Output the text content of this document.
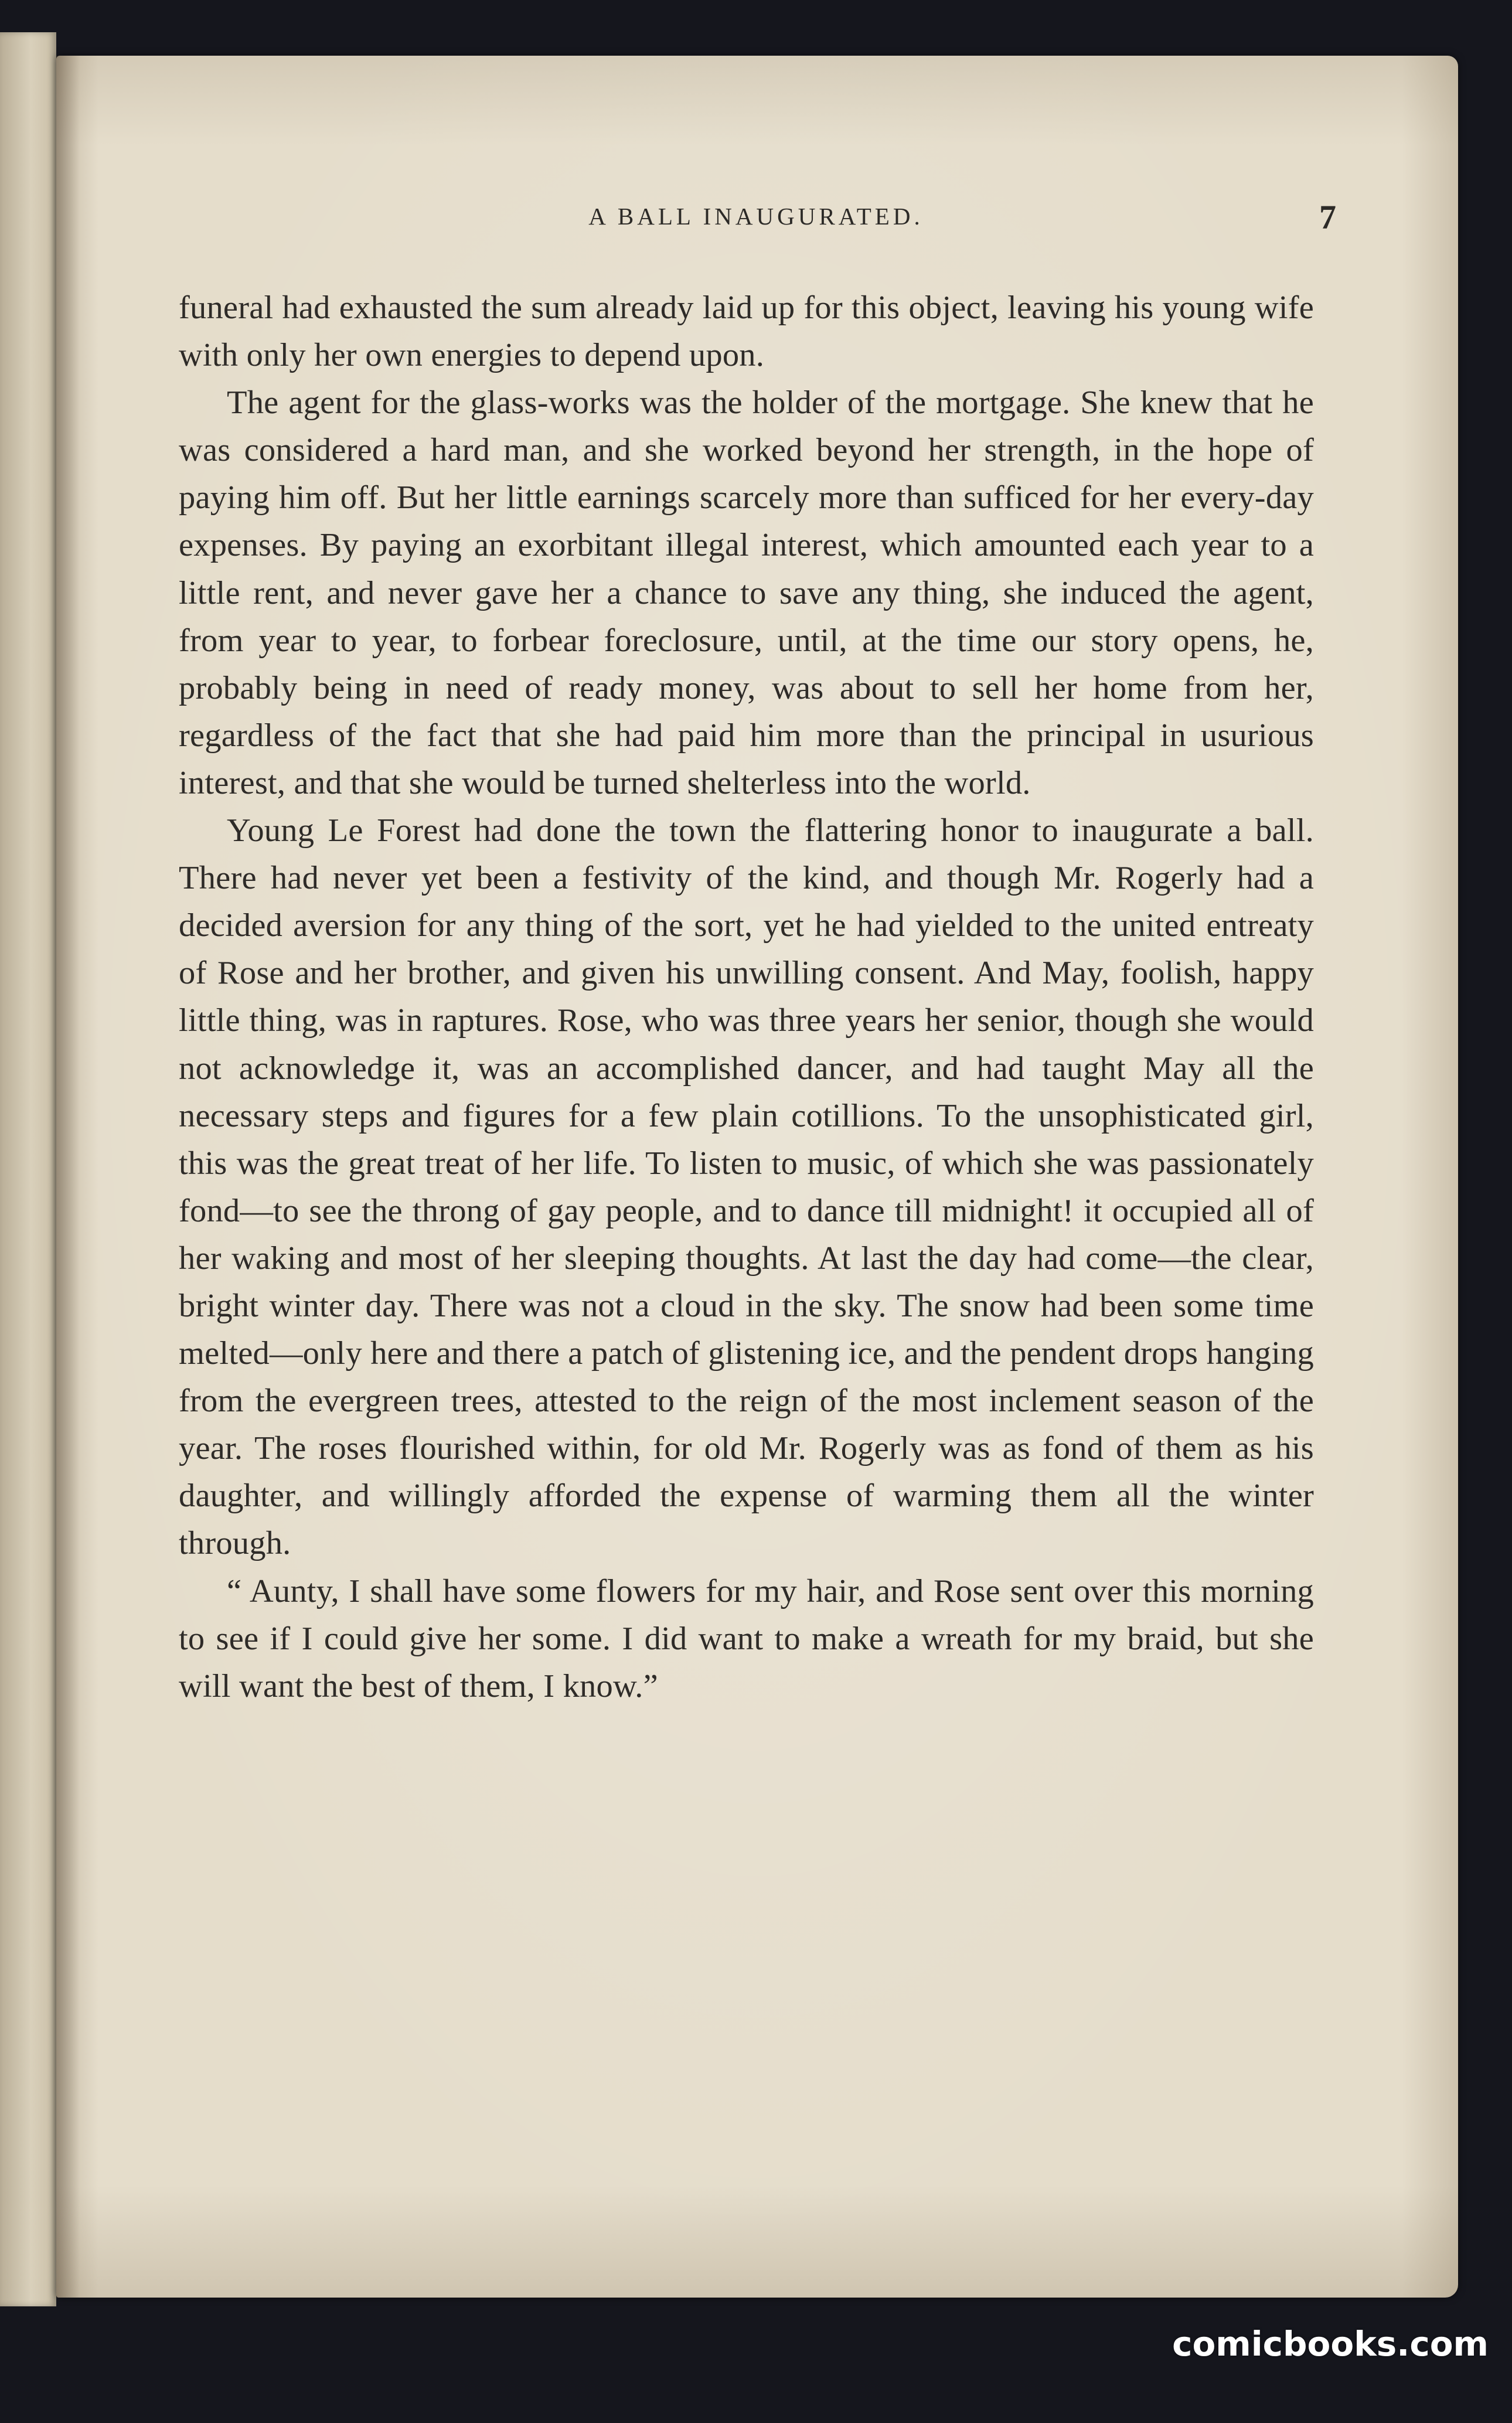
A BALL INAUGURATED.	7

funeral had exhausted the sum already laid up for this object, leaving his young wife with only her own energies to depend upon.

The agent for the glass-works was the holder of the mortgage. She knew that he was considered a hard man, and she worked beyond her strength, in the hope of paying him off. But her little earnings scarcely more than sufficed for her every-day expenses. By paying an exorbitant illegal interest, which amounted each year to a little rent, and never gave her a chance to save any thing, she induced the agent, from year to year, to forbear foreclosure, until, at the time our story opens, he, probably being in need of ready money, was about to sell her home from her, regardless of the fact that she had paid him more than the principal in usurious interest, and that she would be turned shelterless into the world.

Young Le Forest had done the town the flattering honor to inaugurate a ball. There had never yet been a festivity of the kind, and though Mr. Rogerly had a decided aversion for any thing of the sort, yet he had yielded to the united entreaty of Rose and her brother, and given his unwilling consent. And May, foolish, happy little thing, was in raptures. Rose, who was three years her senior, though she would not acknowledge it, was an accomplished dancer, and had taught May all the necessary steps and figures for a few plain cotillions. To the unsophisticated girl, this was the great treat of her life. To listen to music, of which she was passionately fond—to see the throng of gay people, and to dance till midnight! it occupied all of her waking and most of her sleeping thoughts. At last the day had come—the clear, bright winter day. There was not a cloud in the sky. The snow had been some time melted—only here and there a patch of glistening ice, and the pendent drops hanging from the evergreen trees, attested to the reign of the most inclement season of the year. The roses flourished within, for old Mr. Rogerly was as fond of them as his daughter, and willingly afforded the expense of warming them all the winter through.

“ Aunty, I shall have some flowers for my hair, and Rose sent over this morning to see if I could give her some. I did want to make a wreath for my braid, but she will want the best of them, I know.”

comicbooks.com
